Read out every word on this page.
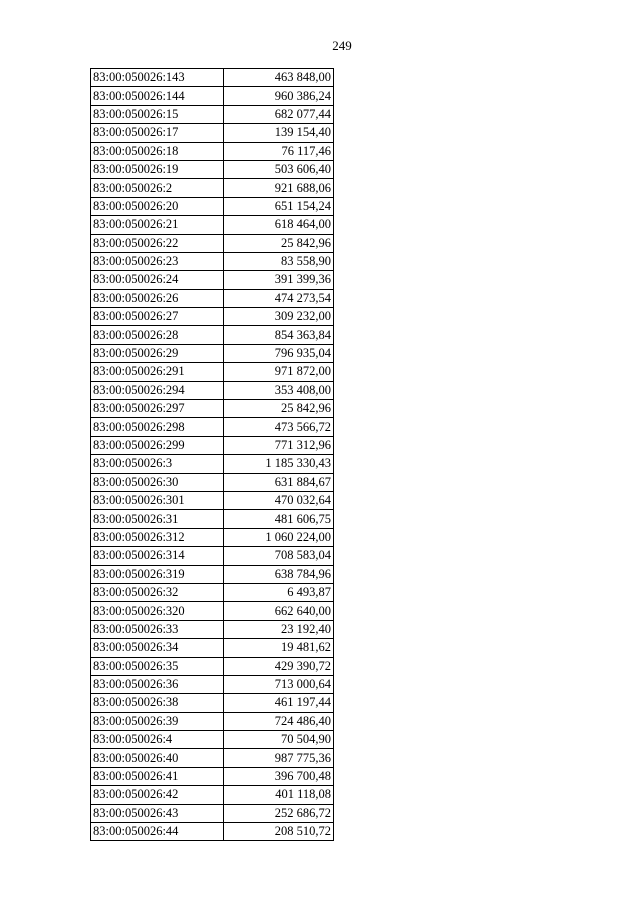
249
83:00:050026:143	463 848,00
83:00:050026:144	960 386,24
83:00:050026:15	682 077,44
83:00:050026:17	139 154,40
83:00:050026:18	76 117,46
83:00:050026:19	503 606,40
83:00:050026:2	921 688,06
83:00:050026:20	651 154,24
83:00:050026:21	618 464,00
83:00:050026:22	25 842,96
83:00:050026:23	83 558,90
83:00:050026:24	391 399,36
83:00:050026:26	474 273,54
83:00:050026:27	309 232,00
83:00:050026:28	854 363,84
83:00:050026:29	796 935,04
83:00:050026:291	971 872,00
83:00:050026:294	353 408,00
83:00:050026:297	25 842,96
83:00:050026:298	473 566,72
83:00:050026:299	771 312,96
83:00:050026:3	1 185 330,43
83:00:050026:30	631 884,67
83:00:050026:301	470 032,64
83:00:050026:31	481 606,75
83:00:050026:312	1 060 224,00
83:00:050026:314	708 583,04
83:00:050026:319	638 784,96
83:00:050026:32	6 493,87
83:00:050026:320	662 640,00
83:00:050026:33	23 192,40
83:00:050026:34	19 481,62
83:00:050026:35	429 390,72
83:00:050026:36	713 000,64
83:00:050026:38	461 197,44
83:00:050026:39	724 486,40
83:00:050026:4	70 504,90
83:00:050026:40	987 775,36
83:00:050026:41	396 700,48
83:00:050026:42	401 118,08
83:00:050026:43	252 686,72
83:00:050026:44	208 510,72
